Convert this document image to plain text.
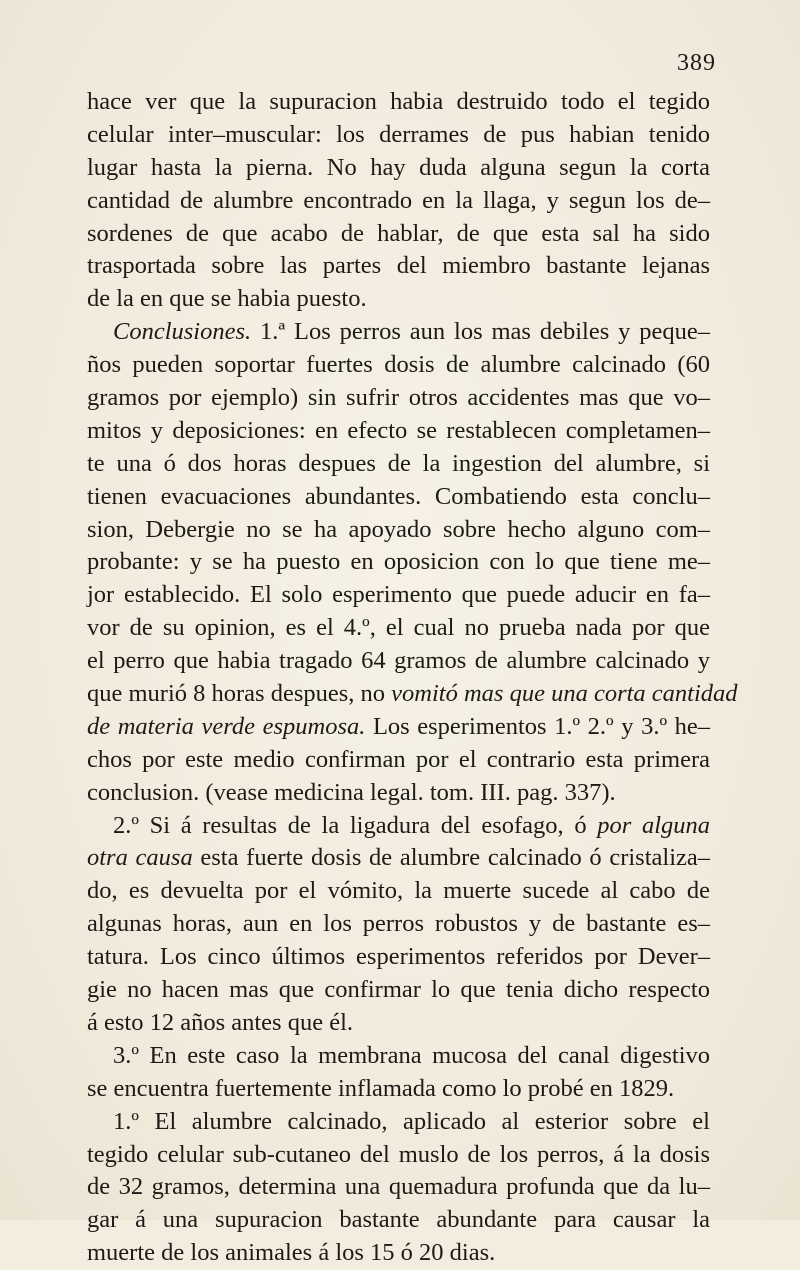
389
hace ver que la supuracion habia destruido todo el tegido
celular inter–muscular: los derrames de pus habian tenido
lugar hasta la pierna. No hay duda alguna segun la corta
cantidad de alumbre encontrado en la llaga, y segun los de–
sordenes de que acabo de hablar, de que esta sal ha sido
trasportada sobre las partes del miembro bastante lejanas
de la en que se habia puesto.
Conclusiones. 1.ª Los perros aun los mas debiles y peque–
ños pueden soportar fuertes dosis de alumbre calcinado (60
gramos por ejemplo) sin sufrir otros accidentes mas que vo–
mitos y deposiciones: en efecto se restablecen completamen–
te una ó dos horas despues de la ingestion del alumbre, si
tienen evacuaciones abundantes. Combatiendo esta conclu–
sion, Debergie no se ha apoyado sobre hecho alguno com–
probante: y se ha puesto en oposicion con lo que tiene me–
jor establecido. El solo esperimento que puede aducir en fa–
vor de su opinion, es el 4.º, el cual no prueba nada por que
el perro que habia tragado 64 gramos de alumbre calcinado y
que murió 8 horas despues, no vomitó mas que una corta cantidad
de materia verde espumosa. Los esperimentos 1.º 2.º y 3.º he–
chos por este medio confirman por el contrario esta primera
conclusion. (vease medicina legal. tom. III. pag. 337).
2.º Si á resultas de la ligadura del esofago, ó por alguna
otra causa esta fuerte dosis de alumbre calcinado ó cristaliza–
do, es devuelta por el vómito, la muerte sucede al cabo de
algunas horas, aun en los perros robustos y de bastante es–
tatura. Los cinco últimos esperimentos referidos por Dever–
gie no hacen mas que confirmar lo que tenia dicho respecto
á esto 12 años antes que él.
3.º En este caso la membrana mucosa del canal digestivo
se encuentra fuertemente inflamada como lo probé en 1829.
1.º El alumbre calcinado, aplicado al esterior sobre el
tegido celular sub-cutaneo del muslo de los perros, á la dosis
de 32 gramos, determina una quemadura profunda que da lu–
gar á una supuracion bastante abundante para causar la
muerte de los animales á los 15 ó 20 dias.
